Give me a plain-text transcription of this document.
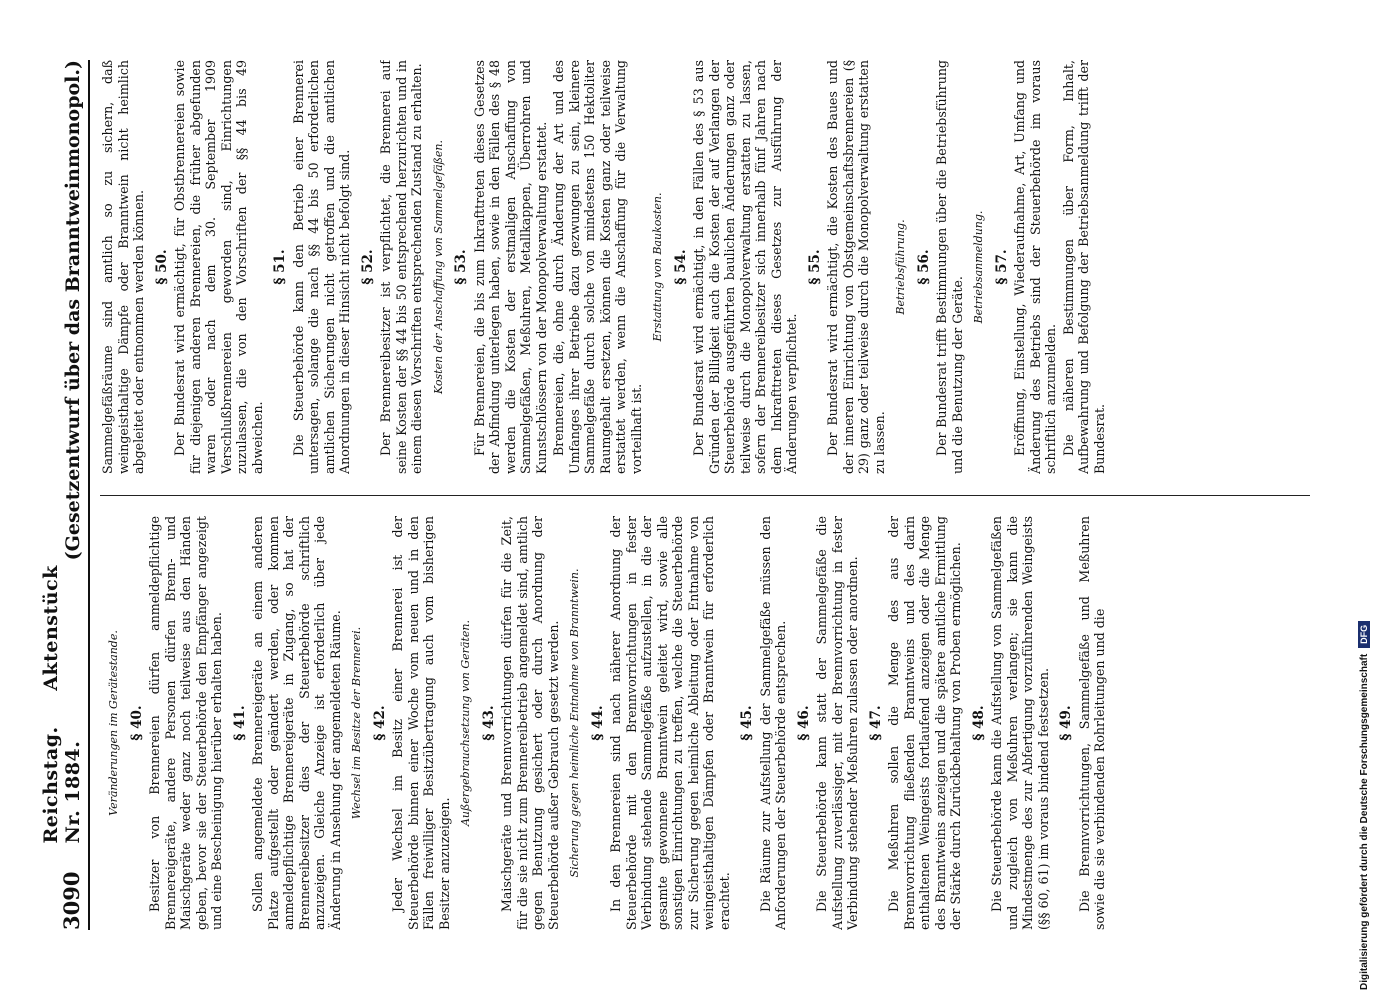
3090
Reichstag.     Aktenstück Nr. 1884.
(Gesetzentwurf über das Branntweinmonopol.)
Veränderungen im Gerätestande. § 40. Besitzer von Brennereien dürfen anmeldepflichtige Brennereigeräte, andere Personen dürfen Brenn- und Maischgeräte weder ganz noch teilweise aus den Händen geben, bevor sie der Steuerbehörde den Empfänger angezeigt und eine Bescheinigung hierüber erhalten haben. § 41. Sollen angemeldete Brennereigeräte an einem anderen Platze aufgestellt oder geändert werden, oder kommen anmeldepflichtige Brennereigeräte in Zugang, so hat der Brennereibesitzer dies der Steuerbehörde schriftlich anzuzeigen. Gleiche Anzeige ist erforderlich über jede Änderung in Ansehung der angemeldeten Räume. Wechsel im Besitze der Brennerei. § 42. Jeder Wechsel im Besitz einer Brennerei ist der Steuerbehörde binnen einer Woche vom neuen und in den Fällen freiwilliger Besitzübertragung auch vom bisherigen Besitzer anzuzeigen.
Außergebrauchsetzung von Geräten. § 43. Maischgeräte und Brennvorrichtungen dürfen für die Zeit, für die sie nicht zum Brennereibetrieb angemeldet sind, amtlich gegen Benutzung gesichert oder durch Anordnung der Steuerbehörde außer Gebrauch gesetzt werden. Sicherung gegen heimliche Entnahme von Branntwein. § 44. In den Brennereien sind nach näherer Anordnung der Steuerbehörde mit den Brennvorrichtungen in fester Verbindung stehende Sammelgefäße aufzustellen, in die der gesamte gewonnene Branntwein geleitet wird, sowie alle sonstigen Einrichtungen zu treffen, welche die Steuerbehörde zur Sicherung gegen heimliche Ableitung oder Entnahme von weingeisthaltigen Dämpfen oder Branntwein für erforderlich erachtet.
§ 45. Die Räume zur Aufstellung der Sammelgefäße müssen den Anforderungen der Steuerbehörde entsprechen. § 46. Die Steuerbehörde kann statt der Sammelgefäße die Aufstellung zuverlässiger, mit der Brennvorrichtung in fester Verbindung stehender Meßuhren zulassen oder anordnen. § 47. Die Meßuhren sollen die Menge des aus der Brennvorrichtung fließenden Branntweins und des darin enthaltenen Weingeists fortlaufend anzeigen oder die Menge des Branntweins anzeigen und die spätere amtliche Ermittlung der Stärke durch Zurückbehaltung von Proben ermöglichen. § 48. Die Steuerbehörde kann die Aufstellung von Sammelgefäßen und zugleich von Meßuhren verlangen; sie kann die Mindestmenge des zur Abfertigung vorzuführenden Weingeists (§§ 60, 61) im voraus bindend festsetzen. § 49. Die Brennvorrichtungen, Sammelgefäße und Meßuhren sowie die sie verbindenden Rohrleitungen und die
Sammelgefäßräume sind amtlich so zu sichern, daß weingeisthaltige Dämpfe oder Branntwein nicht heimlich abgeleitet oder entnommen werden können. § 50. Der Bundesrat wird ermächtigt, für Obstbrennereien sowie für diejenigen anderen Brennereien, die früher abgefunden waren oder nach dem 30. September 1909 Verschlußbrennereien geworden sind, Einrichtungen zuzulassen, die von den Vorschriften der §§ 44 bis 49 abweichen.
§ 51. Die Steuerbehörde kann den Betrieb einer Brennerei untersagen, solange die nach §§ 44 bis 50 erforderlichen amtlichen Sicherungen nicht getroffen und die amtlichen Anordnungen in dieser Hinsicht nicht befolgt sind. § 52. Der Brennereibesitzer ist verpflichtet, die Brennerei auf seine Kosten der §§ 44 bis 50 entsprechend herzurichten und in einem diesen Vorschriften entsprechenden Zustand zu erhalten. Kosten der Anschaffung von Sammelgefäßen. § 53. Für Brennereien, die bis zum Inkrafttreten dieses Gesetzes der Abfindung unterlegen haben, sowie in den Fällen des § 48 werden die Kosten der erstmaligen Anschaffung von Sammelgefäßen, Meßuhren, Metallkappen, Überrohren und Kunstschlössern von der Monopolverwaltung erstattet. Brennereien, die, ohne durch Änderung der Art und des Umfanges ihrer Betriebe dazu gezwungen zu sein, kleinere Sammelgefäße durch solche von mindestens 150 Hektoliter Raumgehalt ersetzen, können die Kosten ganz oder teilweise erstattet werden, wenn die Anschaffung für die Verwaltung vorteilhaft ist.
Erstattung von Baukosten. § 54. Der Bundesrat wird ermächtigt, in den Fällen des § 53 aus Gründen der Billigkeit auch die Kosten der auf Verlangen der Steuerbehörde ausgeführten baulichen Änderungen ganz oder teilweise durch die Monopolverwaltung erstatten zu lassen, sofern der Brennereibesitzer sich innerhalb fünf Jahren nach dem Inkrafttreten dieses Gesetzes zur Ausführung der Änderungen verpflichtet.
§ 55. Der Bundesrat wird ermächtigt, die Kosten des Baues und der inneren Einrichtung von Obstgemeinschaftsbrennereien (§ 29) ganz oder teilweise durch die Monopolverwaltung erstatten zu lassen.
Betriebsführung. § 56. Der Bundesrat trifft Bestimmungen über die Betriebsführung und die Benutzung der Geräte.
Betriebsanmeldung. § 57. Eröffnung, Einstellung, Wiederaufnahme, Art, Umfang und Änderung des Betriebs sind der Steuerbehörde im voraus schriftlich anzumelden. Die näheren Bestimmungen über Form, Inhalt, Aufbewahrung und Befolgung der Betriebsanmeldung trifft der Bundesrat.
Digitalisierung gefördert durch die Deutsche Forschungsgemeinschaft
DFG
